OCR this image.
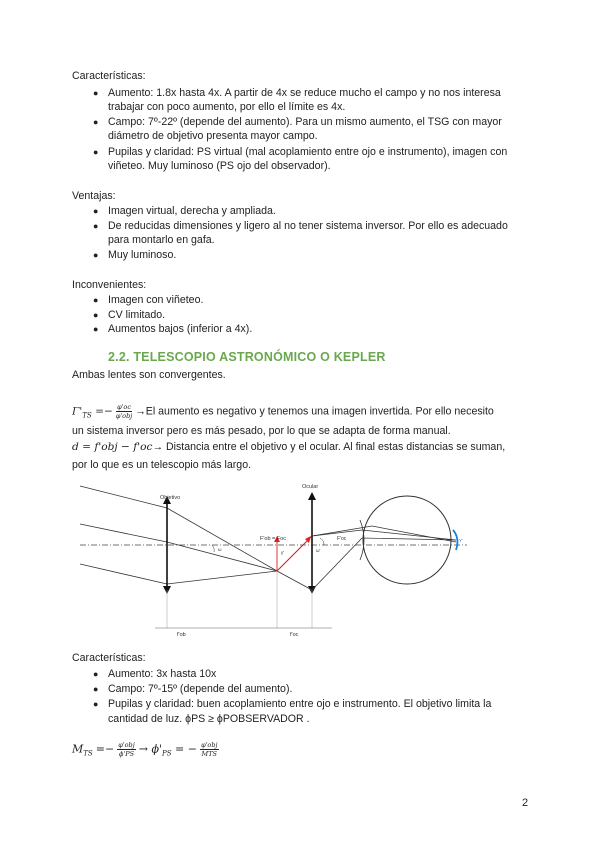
Características:
● Aumento: 1.8x hasta 4x. A partir de 4x se reduce mucho el campo y no nos interesa
trabajar con poco aumento, por ello el límite es 4x.
● Campo: 7º-22º (depende del aumento). Para un mismo aumento, el TSG con mayor
diámetro de objetivo presenta mayor campo.
● Pupilas y claridad: PS virtual (mal acoplamiento entre ojo e instrumento), imagen con
viñeteo. Muy luminoso (PS ojo del observador).
Ventajas:
● Imagen virtual, derecha y ampliada.
● De reducidas dimensiones y ligero al no tener sistema inversor. Por ello es adecuado
para montarlo en gafa.
● Muy luminoso.
Inconvenientes:
● Imagen con viñeteo.
● CV limitado.
● Aumentos bajos (inferior a 4x).
2.2. TELESCOPIO ASTRONÓMICO O KEPLER
Ambas lentes son convergentes.
$\Gamma'_{TS} =- \frac{\varphi'oc}{\text{φ'obj}} \to El$ aumento es negativo y tenemos una imagen invertida. Por ello necesito
un sistema inversor pero es más pesado, por lo que se adapta de forma manual.
d = f'obj − f'oc→ Distancia entre el objetivo y el ocular. Al final estas distancias se suman,
por lo que es un telescopio más largo.
Objetivo
Ocular
F'ob = Foc
y'
ω	ω'
F'oc	Y'
f'ob	f'oc
Características:
● Aumento: 3x hasta 10x
● Campo: 7º-15º (depende del aumento).
● Pupilas y claridad: buen acoplamiento entre ojo e instrumento. El objetivo limita la
cantidad de luz. ϕPS ≥ ϕPOBSERVADOR .
$M_{TS} =- \frac{\text{φ'obj}}{\phi'PS} \to \phi'_{PS}$ = − $\frac{\text{φ'obj}}{\text{MTS}}$
2
